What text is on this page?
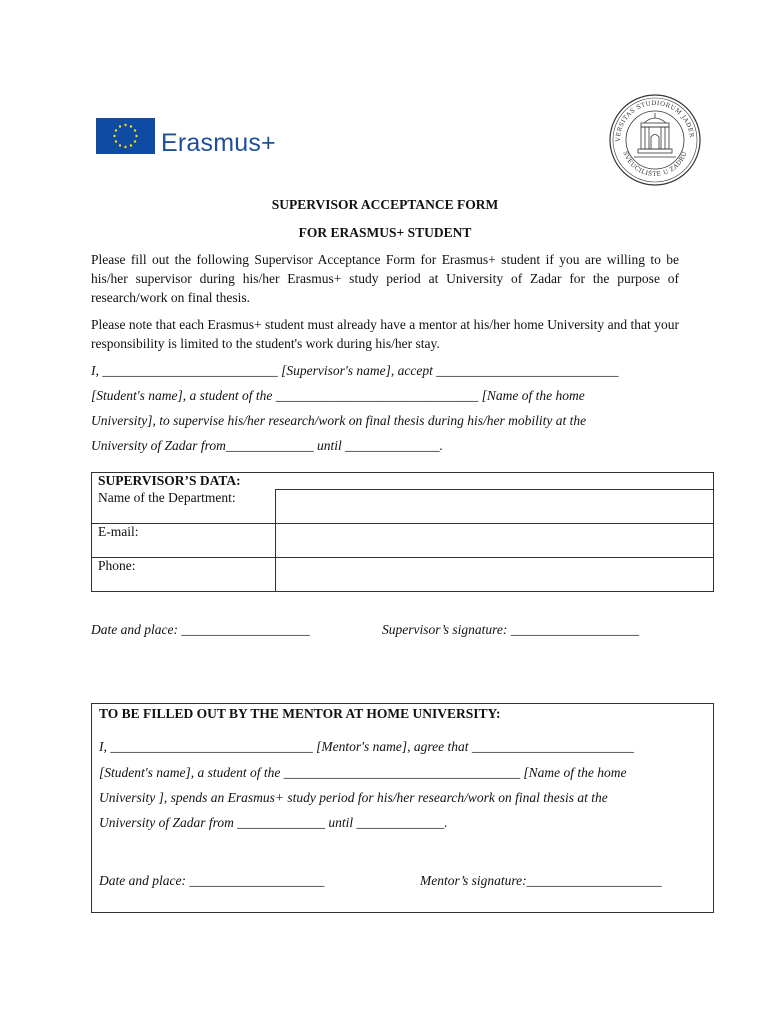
Erasmus+	VERSITAS STUDIORUM JADER
SVEUČILIŠTE U ZADRU
SUPERVISOR ACCEPTANCE FORM
FOR ERASMUS+ STUDENT
Please fill out the following Supervisor Acceptance Form for Erasmus+ student if you are willing to be his/her supervisor during his/her Erasmus+ study period at University of Zadar for the purpose of research/work on final thesis.
Please note that each Erasmus+ student must already have a mentor at his/her home University and that your responsibility is limited to the student's work during his/her stay.
I, __________________________ [Supervisor's name], accept ___________________________
[Student's name], a student of the ______________________________ [Name of the home
University], to supervise his/her research/work on final thesis during his/her mobility at the
University of Zadar from_____________ until ______________.
SUPERVISOR’S DATA:	
Name of the Department:	
E-mail:	
Phone:	
Date and place: ___________________	Supervisor’s signature: ___________________
TO BE FILLED OUT BY THE MENTOR AT HOME UNIVERSITY:
I, ______________________________ [Mentor's name], agree that ________________________
[Student's name], a student of the ___________________________________ [Name of the home
University ], spends an Erasmus+ study period for his/her research/work on final thesis at the
University of Zadar from _____________ until _____________.
Date and place: ____________________	Mentor’s signature:____________________
